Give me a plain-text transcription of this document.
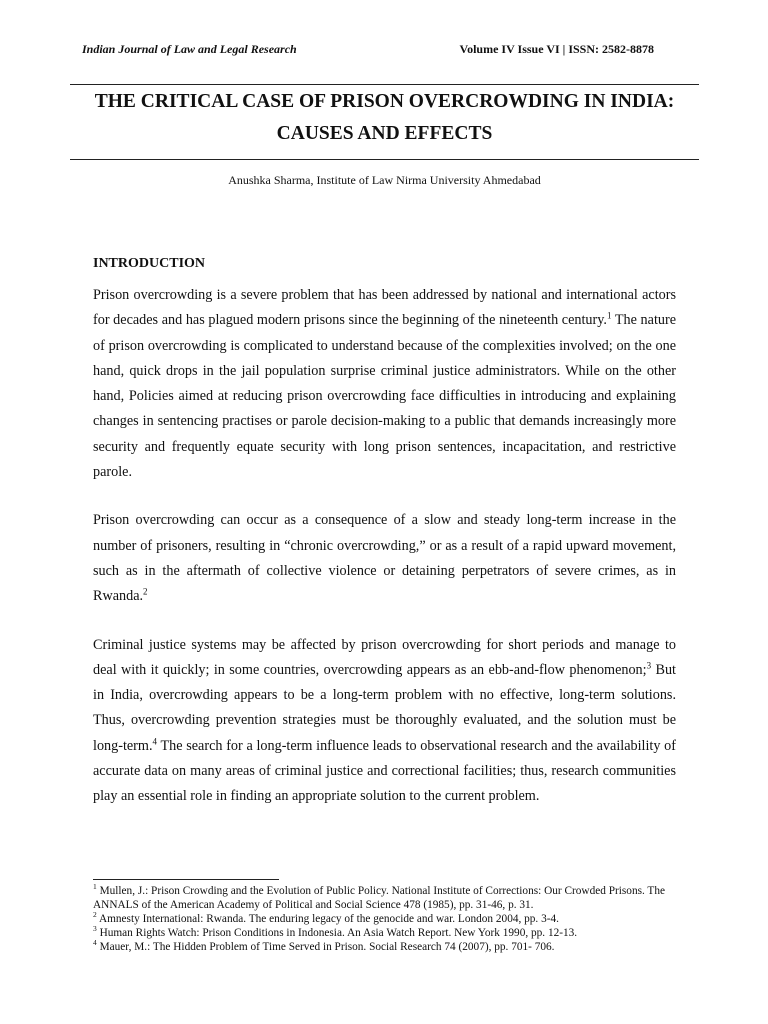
Indian Journal of Law and Legal Research	Volume IV Issue VI | ISSN: 2582-8878
THE CRITICAL CASE OF PRISON OVERCROWDING IN INDIA:
CAUSES AND EFFECTS
Anushka Sharma, Institute of Law Nirma University Ahmedabad
INTRODUCTION

Prison overcrowding is a severe problem that has been addressed by national and international actors for decades and has plagued modern prisons since the beginning of the nineteenth century.$^1$ The nature of prison overcrowding is complicated to understand because of the complexities involved; on the one hand, quick drops in the jail population surprise criminal justice administrators. While on the other hand, Policies aimed at reducing prison overcrowding face difficulties in introducing and explaining changes in sentencing practises or parole decision-making to a public that demands increasingly more security and frequently equate security with long prison sentences, incapacitation, and restrictive parole.

Prison overcrowding can occur as a consequence of a slow and steady long-term increase in the number of prisoners, resulting in “chronic overcrowding,” or as a result of a rapid upward movement, such as in the aftermath of collective violence or detaining perpetrators of severe crimes, as in Rwanda.$^2$

Criminal justice systems may be affected by prison overcrowding for short periods and manage to deal with it quickly; in some countries, overcrowding appears as an ebb-and-flow phenomenon;$^3$ But in India, overcrowding appears to be a long-term problem with no effective, long-term solutions. Thus, overcrowding prevention strategies must be thoroughly evaluated, and the solution must be long-term.$^4$ The search for a long-term influence leads to observational research and the availability of accurate data on many areas of criminal justice and correctional facilities; thus, research communities play an essential role in finding an appropriate solution to the current problem.

$^1$ Mullen, J.: Prison Crowding and the Evolution of Public Policy. National Institute of Corrections: Our Crowded Prisons. The ANNALS of the American Academy of Political and Social Science 478 (1985), pp. 31-46, p. 31.

$^2$ Amnesty International: Rwanda. The enduring legacy of the genocide and war. London 2004, pp. 3-4.

$^3$ Human Rights Watch: Prison Conditions in Indonesia. An Asia Watch Report. New York 1990, pp. 12-13.

$^4$ Mauer, M.: The Hidden Problem of Time Served in Prison. Social Research 74 (2007), pp. 701- 706.
